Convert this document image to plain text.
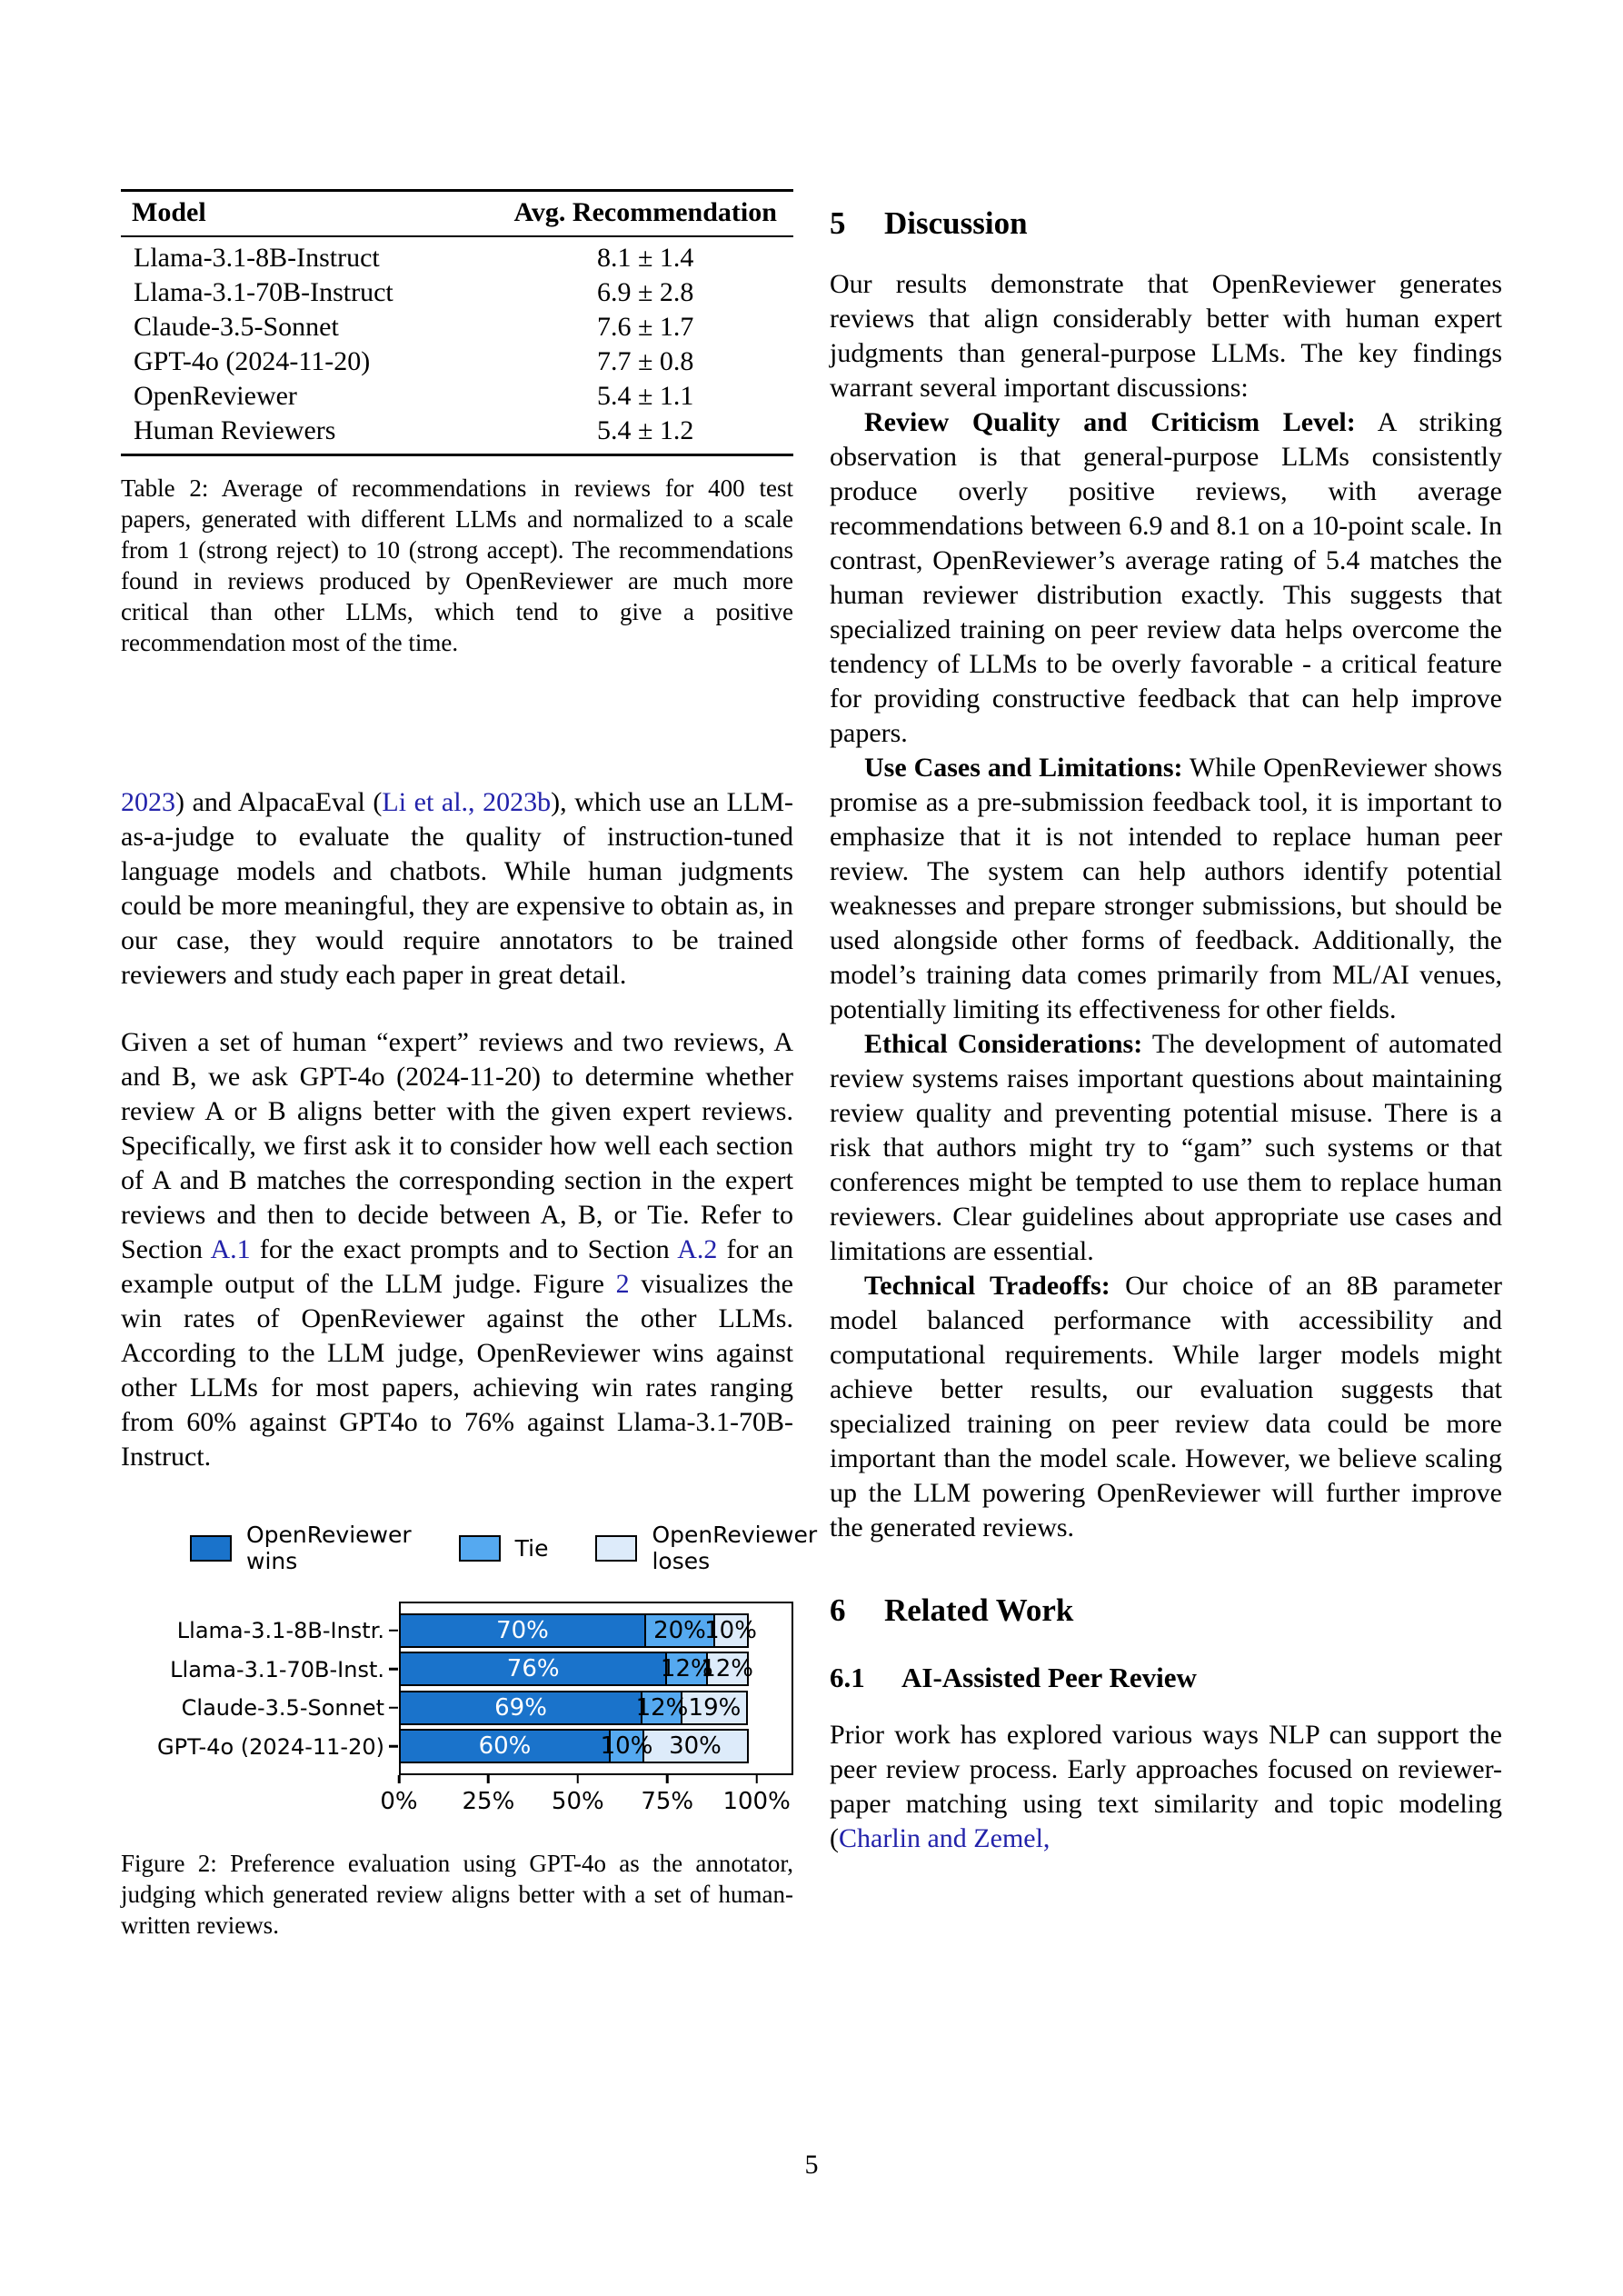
Model	Avg. Recommendation
Llama-3.1-8B-Instruct	8.1 ± 1.4
Llama-3.1-70B-Instruct	6.9 ± 2.8
Claude-3.5-Sonnet	7.6 ± 1.7
GPT-4o (2024-11-20)	7.7 ± 0.8
OpenReviewer	5.4 ± 1.1
Human Reviewers	5.4 ± 1.2
Table 2: Average of recommendations in reviews for 400 test papers, generated with different LLMs and normalized to a scale from 1 (strong reject) to 10 (strong accept). The recommendations found in reviews produced by OpenReviewer are much more critical than other LLMs, which tend to give a positive recommendation most of the time.

2023) and AlpacaEval (Li et al., 2023b), which use an LLM-as-a-judge to evaluate the quality of instruction-tuned language models and chatbots. While human judgments could be more meaningful, they are expensive to obtain as, in our case, they would require annotators to be trained reviewers and study each paper in great detail.

Given a set of human “expert” reviews and two reviews, A and B, we ask GPT-4o (2024-11-20) to determine whether review A or B aligns better with the given expert reviews. Specifically, we first ask it to consider how well each section of A and B matches the corresponding section in the expert reviews and then to decide between A, B, or Tie. Refer to Section A.1 for the exact prompts and to Section A.2 for an example output of the LLM judge. Figure 2 visualizes the win rates of OpenReviewer against the other LLMs. According to the LLM judge, OpenReviewer wins against other LLMs for most papers, achieving win rates ranging from 60% against GPT4o to 76% against Llama-3.1-70B-Instruct.

OpenReviewer wins	Tie	OpenReviewer loses
Llama-3.1-8B-Instr.
Llama-3.1-70B-Inst.
Claude-3.5-Sonnet
GPT-4o (2024-11-20)
70%	20%
10%
76%	12%
12%
69%	12% 19%
60%	10% 30%
0% 25% 50% 75% 100%
Figure 2: Preference evaluation using GPT-4o as the annotator, judging which generated review aligns better with a set of human-written reviews.
5	Discussion

Our results demonstrate that OpenReviewer generates reviews that align considerably better with human expert judgments than general-purpose LLMs. The key findings warrant several important discussions:

Review Quality and Criticism Level: A striking observation is that general-purpose LLMs consistently produce overly positive reviews, with average recommendations between 6.9 and 8.1 on a 10-point scale. In contrast, OpenReviewer’s average rating of 5.4 matches the human reviewer distribution exactly. This suggests that specialized training on peer review data helps overcome the tendency of LLMs to be overly favorable - a critical feature for providing constructive feedback that can help improve papers.

Use Cases and Limitations: While OpenReviewer shows promise as a pre-submission feedback tool, it is important to emphasize that it is not intended to replace human peer review. The system can help authors identify potential weaknesses and prepare stronger submissions, but should be used alongside other forms of feedback. Additionally, the model’s training data comes primarily from ML/AI venues, potentially limiting its effectiveness for other fields.

Ethical Considerations: The development of automated review systems raises important questions about maintaining review quality and preventing potential misuse. There is a risk that authors might try to “gam” such systems or that conferences might be tempted to use them to replace human reviewers. Clear guidelines about appropriate use cases and limitations are essential.

Technical Tradeoffs: Our choice of an 8B parameter model balanced performance with accessibility and computational requirements. While larger models might achieve better results, our evaluation suggests that specialized training on peer review data could be more important than the model scale. However, we believe scaling up the LLM powering OpenReviewer will further improve the generated reviews.

6	Related Work
6.1	AI-Assisted Peer Review

Prior work has explored various ways NLP can support the peer review process. Early approaches focused on reviewer-paper matching using text similarity and topic modeling (Charlin and Zemel,

5
